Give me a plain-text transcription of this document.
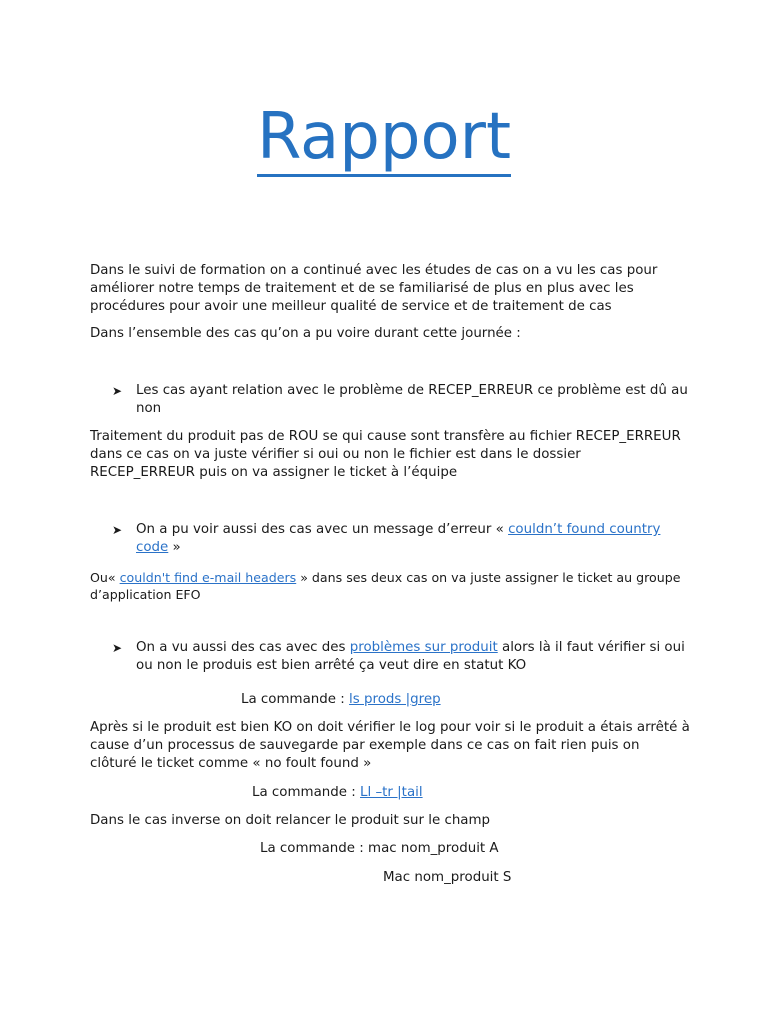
Rapport

Dans le suivi de formation on a continué avec les études de cas on a vu les cas pour améliorer notre temps de traitement et de se familiarisé de plus en plus avec les procédures pour avoir une meilleur qualité de service et de traitement de cas

Dans l’ensemble des cas qu’on a pu voire durant cette journée :

➤ Les cas ayant relation avec le problème de RECEP_ERREUR ce problème est dû au non

Traitement du produit pas de ROU se qui cause sont transfère au fichier RECEP_ERREUR dans ce cas on va juste vérifier si oui ou non le fichier est dans le dossier RECEP_ERREUR puis on va assigner le ticket à l’équipe

➤ On a pu voir aussi des cas avec un message d’erreur « couldn’t found country code »

Ou« couldn't find e-mail headers » dans ses deux cas on va juste assigner le ticket au groupe d’application EFO

➤ On a vu aussi des cas avec des problèmes sur produit alors là il faut vérifier si oui ou non le produis est bien arrêté ça veut dire en statut KO
La commande : ls prods |grep

Après si le produit est bien KO on doit vérifier le log pour voir si le produit a étais arrêté à cause d’un processus de sauvegarde par exemple dans ce cas on fait rien puis on clôturé le ticket comme « no foult found »

La commande : Ll –tr |tail

Dans le cas inverse on doit relancer le produit sur le champ

La commande : mac nom_produit A
Mac nom_produit S
